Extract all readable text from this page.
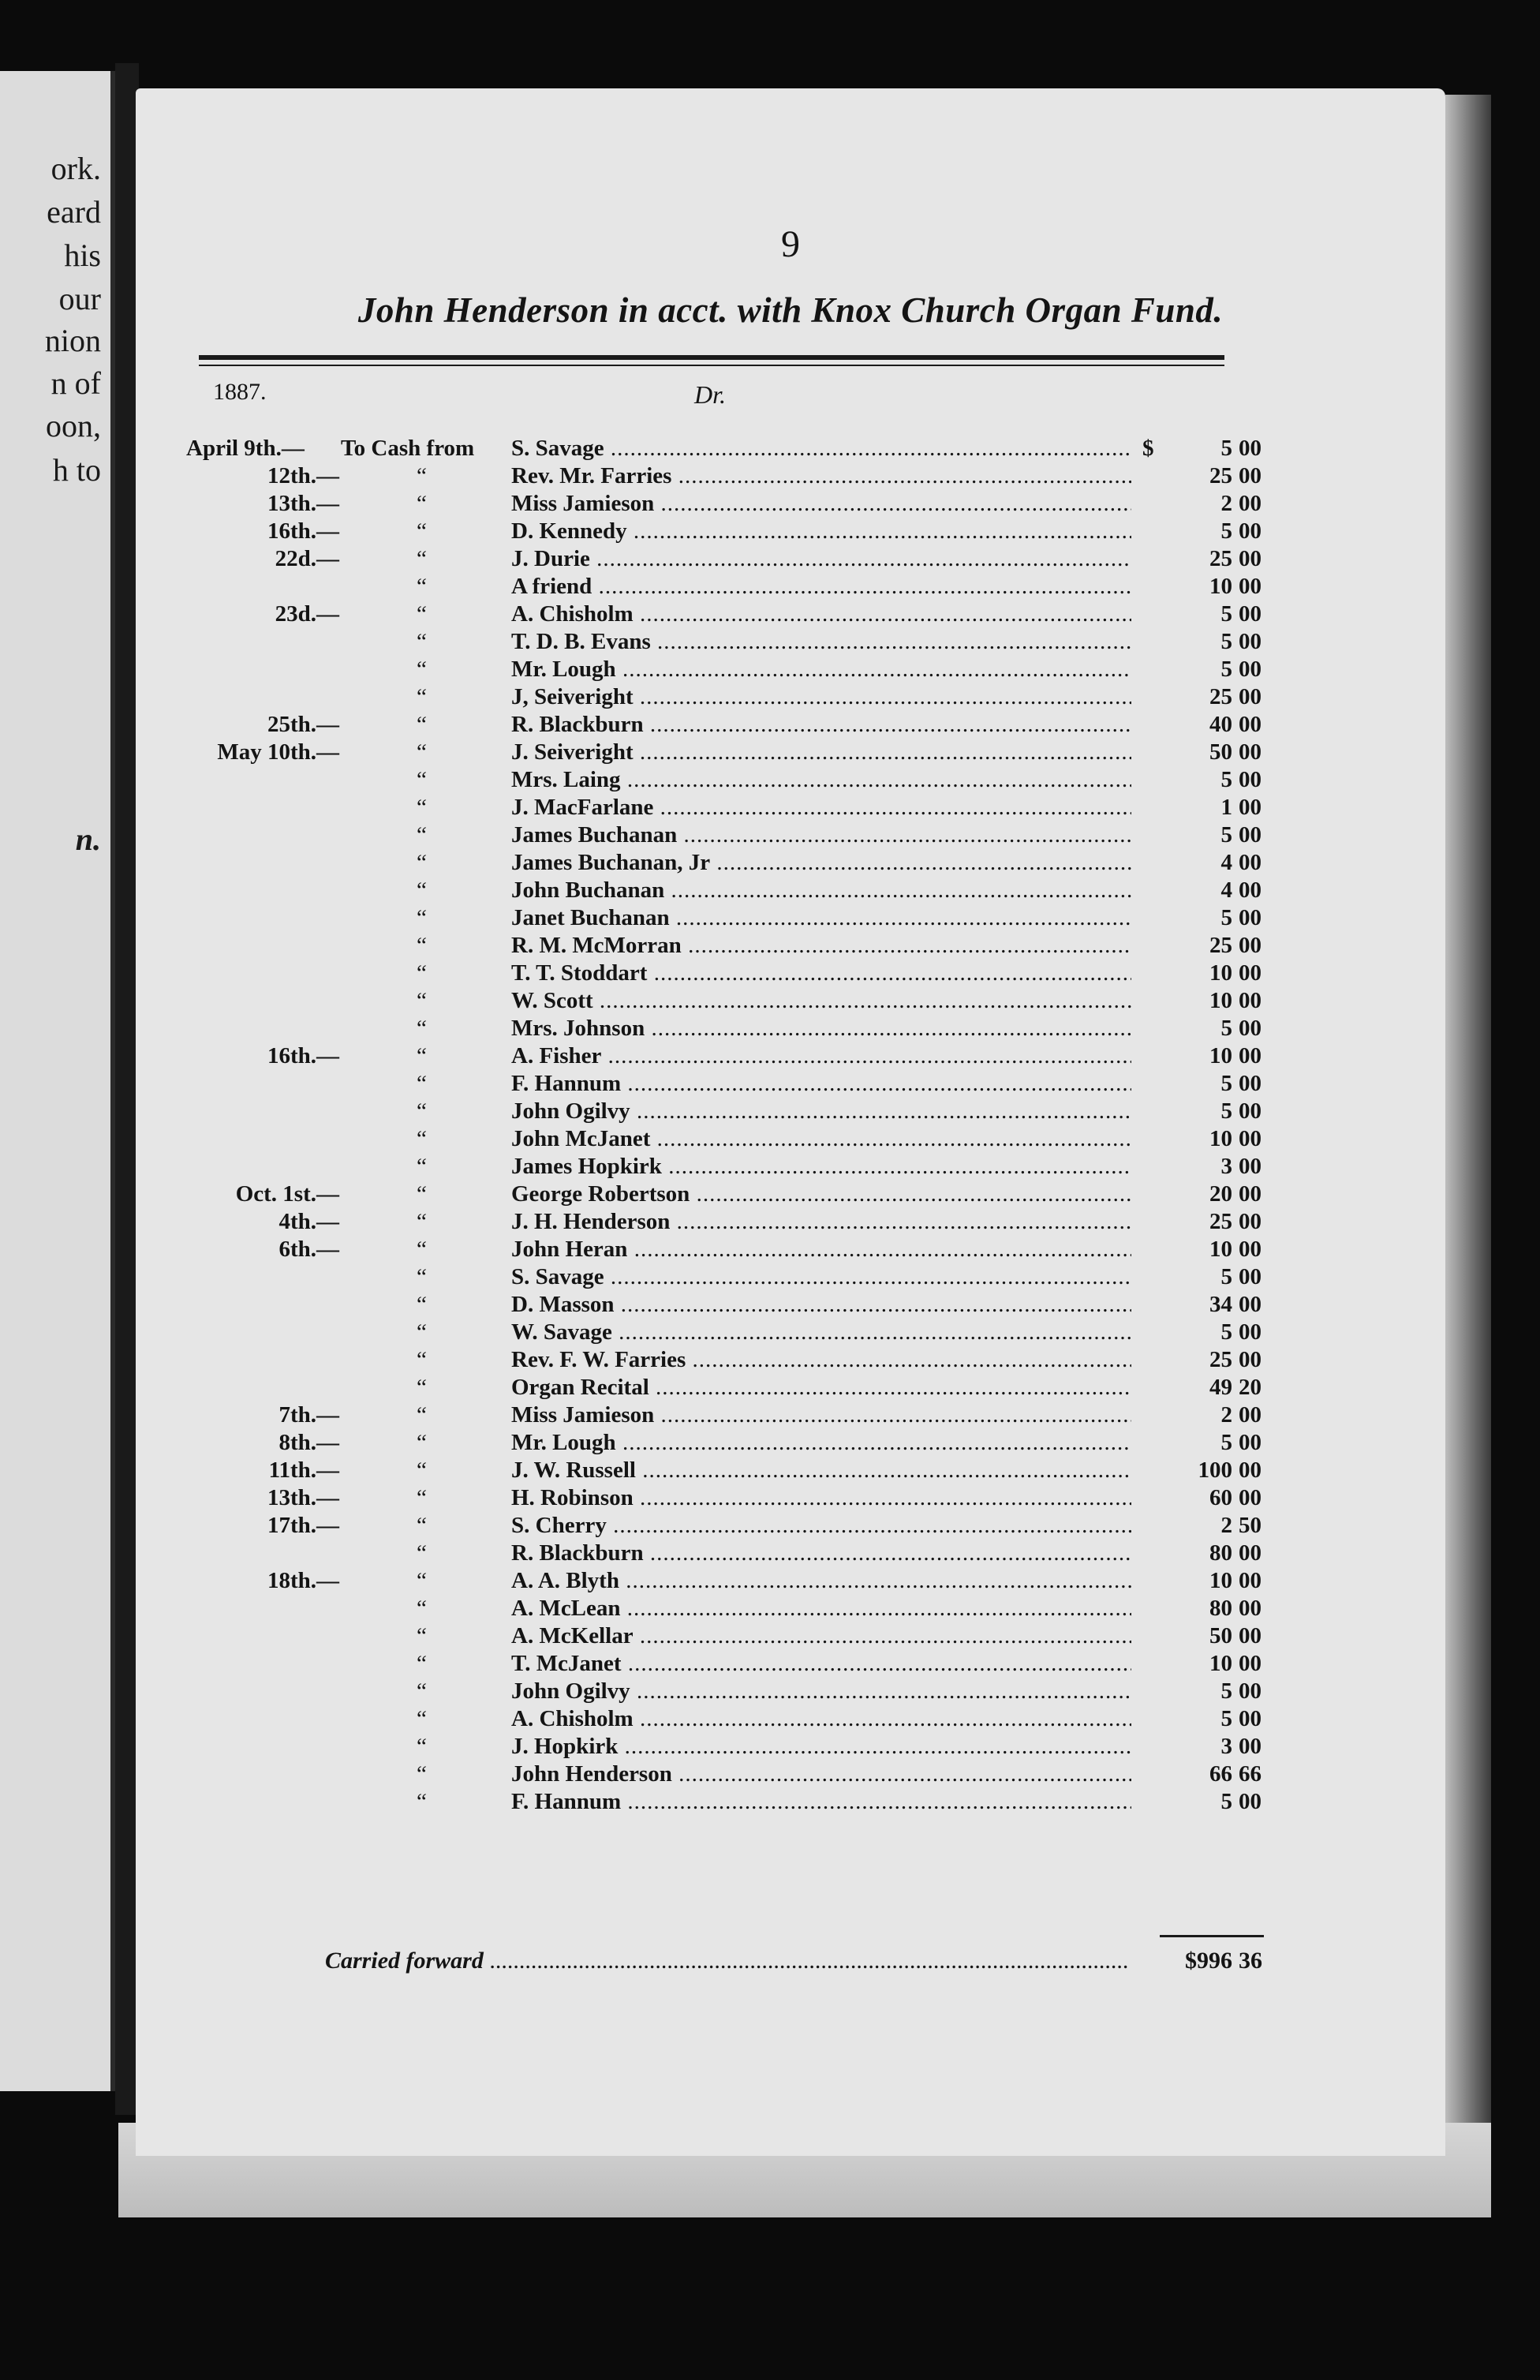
ork.
eard
his
our
nion
n of
oon,
h to
n.
9
John Henderson in acct. with Knox Church Organ Fund.
1887.	Dr.
April 9th.—	To Cash from S. Savage .....	$	5 00
12th.—	“	Rev. Mr. Farries .....	25 00
13th.—	“	Miss Jamieson .....	2 00
16th.—	“	D. Kennedy .....	5 00
22d.—	“	J. Durie .....	25 00
“	A friend .....	10 00
23d.—	“	A. Chisholm .....	5 00
“	T. D. B. Evans .....	5 00
“	Mr. Lough .....	5 00
“	J, Seiveright .....	25 00
25th.—	“	R. Blackburn .....	40 00
May 10th.—	“	J. Seiveright .....	50 00
“	Mrs. Laing .....	5 00
“	J. MacFarlane .....	1 00
“	James Buchanan .....	5 00
“	James Buchanan, Jr .....	4 00
“	John Buchanan .....	4 00
“	Janet Buchanan .....	5 00
“	R. M. McMorran .....	25 00
“	T. T. Stoddart .....	10 00
“	W. Scott .....	10 00
“	Mrs. Johnson .....	5 00
16th.—	“	A. Fisher .....	10 00
“	F. Hannum .....	5 00
“	John Ogilvy .....	5 00
“	John McJanet .....	10 00
“	James Hopkirk .....	3 00
Oct. 1st.—	“	George Robertson .....	20 00
4th.—	“	J. H. Henderson .....	25 00
6th.—	“	John Heran .....	10 00
“	S. Savage .....	5 00
“	D. Masson .....	34 00
“	W. Savage .....	5 00
“	Rev. F. W. Farries .....	25 00
“	Organ Recital .....	49 20
7th.—	“	Miss Jamieson .....	2 00
8th.—	“	Mr. Lough .....	5 00
11th.—	“	J. W. Russell .....	100 00
13th.—	“	H. Robinson .....	60 00
17th.—	“	S. Cherry .....	2 50
“	R. Blackburn .....	80 00
18th.—	“	A. A. Blyth .....	10 00
“	A. McLean .....	80 00
“	A. McKellar .....	50 00
“	T. McJanet .....	10 00
“	John Ogilvy .....	5 00
“	A. Chisholm .....	5 00
“	J. Hopkirk .....	3 00
“	John Henderson .....	66 66
“	F. Hannum .....	5 00
Carried forward .....	$996 36
